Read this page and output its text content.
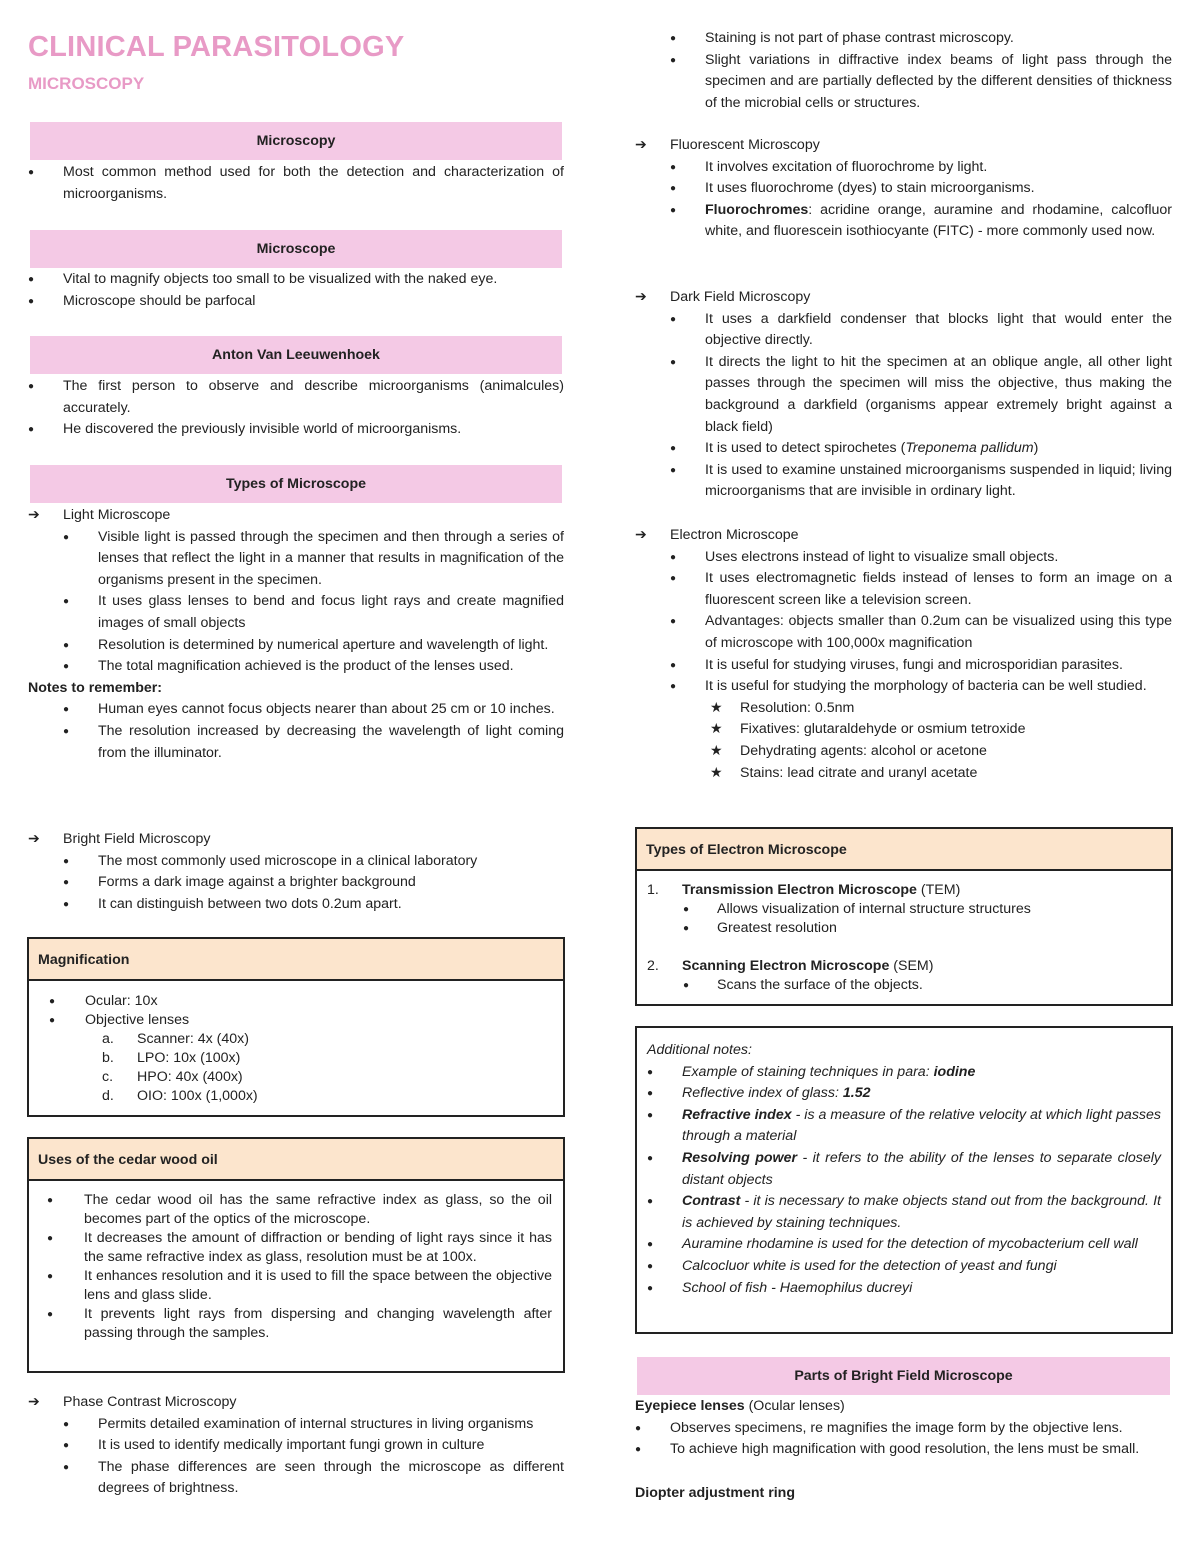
CLINICAL PARASITOLOGY
MICROSCOPY
Microscopy
● Most common method used for both the detection and characterization of microorganisms.
Microscope
● Vital to magnify objects too small to be visualized with the naked eye.
● Microscope should be parfocal
Anton Van Leeuwenhoek
● The first person to observe and describe microorganisms (animalcules) accurately.
● He discovered the previously invisible world of microorganisms.
Types of Microscope
➔ Light Microscope
● Visible light is passed through the specimen and then through a series of lenses that reflect the light in a manner that results in magnification of the organisms present in the specimen.
● It uses glass lenses to bend and focus light rays and create magnified images of small objects
● Resolution is determined by numerical aperture and wavelength of light.
● The total magnification achieved is the product of the lenses used.
Notes to remember:
● Human eyes cannot focus objects nearer than about 25 cm or 10 inches.
● The resolution increased by decreasing the wavelength of light coming from the illuminator.
➔ Bright Field Microscopy
● The most commonly used microscope in a clinical laboratory
● Forms a dark image against a brighter background
● It can distinguish between two dots 0.2um apart.
Magnification
● Ocular: 10x
● Objective lenses
a. Scanner: 4x (40x)
b. LPO: 10x (100x)
c. HPO: 40x (400x)
d. OIO: 100x (1,000x)
Uses of the cedar wood oil
● The cedar wood oil has the same refractive index as glass, so the oil becomes part of the optics of the microscope.
● It decreases the amount of diffraction or bending of light rays since it has the same refractive index as glass, resolution must be at 100x.
● It enhances resolution and it is used to fill the space between the objective lens and glass slide.
● It prevents light rays from dispersing and changing wavelength after passing through the samples.
➔ Phase Contrast Microscopy
● Permits detailed examination of internal structures in living organisms
● It is used to identify medically important fungi grown in culture
● The phase differences are seen through the microscope as different degrees of brightness.
● Staining is not part of phase contrast microscopy.
● Slight variations in diffractive index beams of light pass through the specimen and are partially deflected by the different densities of thickness of the microbial cells or structures.
➔ Fluorescent Microscopy
● It involves excitation of fluorochrome by light.
● It uses fluorochrome (dyes) to stain microorganisms.
● Fluorochromes: acridine orange, auramine and rhodamine, calcofluor white, and fluorescein isothiocyante (FITC) - more commonly used now.
➔ Dark Field Microscopy
● It uses a darkfield condenser that blocks light that would enter the objective directly.
● It directs the light to hit the specimen at an oblique angle, all other light passes through the specimen will miss the objective, thus making the background a darkfield (organisms appear extremely bright against a black field)
● It is used to detect spirochetes (Treponema pallidum)
● It is used to examine unstained microorganisms suspended in liquid; living microorganisms that are invisible in ordinary light.
➔ Electron Microscope
● Uses electrons instead of light to visualize small objects.
● It uses electromagnetic fields instead of lenses to form an image on a fluorescent screen like a television screen.
● Advantages: objects smaller than 0.2um can be visualized using this type of microscope with 100,000x magnification
● It is useful for studying viruses, fungi and microsporidian parasites.
● It is useful for studying the morphology of bacteria can be well studied.
★ Resolution: 0.5nm
★ Fixatives: glutaraldehyde or osmium tetroxide
★ Dehydrating agents: alcohol or acetone
★ Stains: lead citrate and uranyl acetate
Types of Electron Microscope
1. Transmission Electron Microscope (TEM)
● Allows visualization of internal structure structures
● Greatest resolution
2. Scanning Electron Microscope (SEM)
● Scans the surface of the objects.
Additional notes:
● Example of staining techniques in para: iodine
● Reflective index of glass: 1.52
● Refractive index - is a measure of the relative velocity at which light passes through a material
● Resolving power - it refers to the ability of the lenses to separate closely distant objects
● Contrast - it is necessary to make objects stand out from the background. It is achieved by staining techniques.
● Auramine rhodamine is used for the detection of mycobacterium cell wall
● Calcocluor white is used for the detection of yeast and fungi
● School of fish - Haemophilus ducreyi
Parts of Bright Field Microscope
Eyepiece lenses (Ocular lenses)
● Observes specimens, re magnifies the image form by the objective lens.
● To achieve high magnification with good resolution, the lens must be small.
Diopter adjustment ring
